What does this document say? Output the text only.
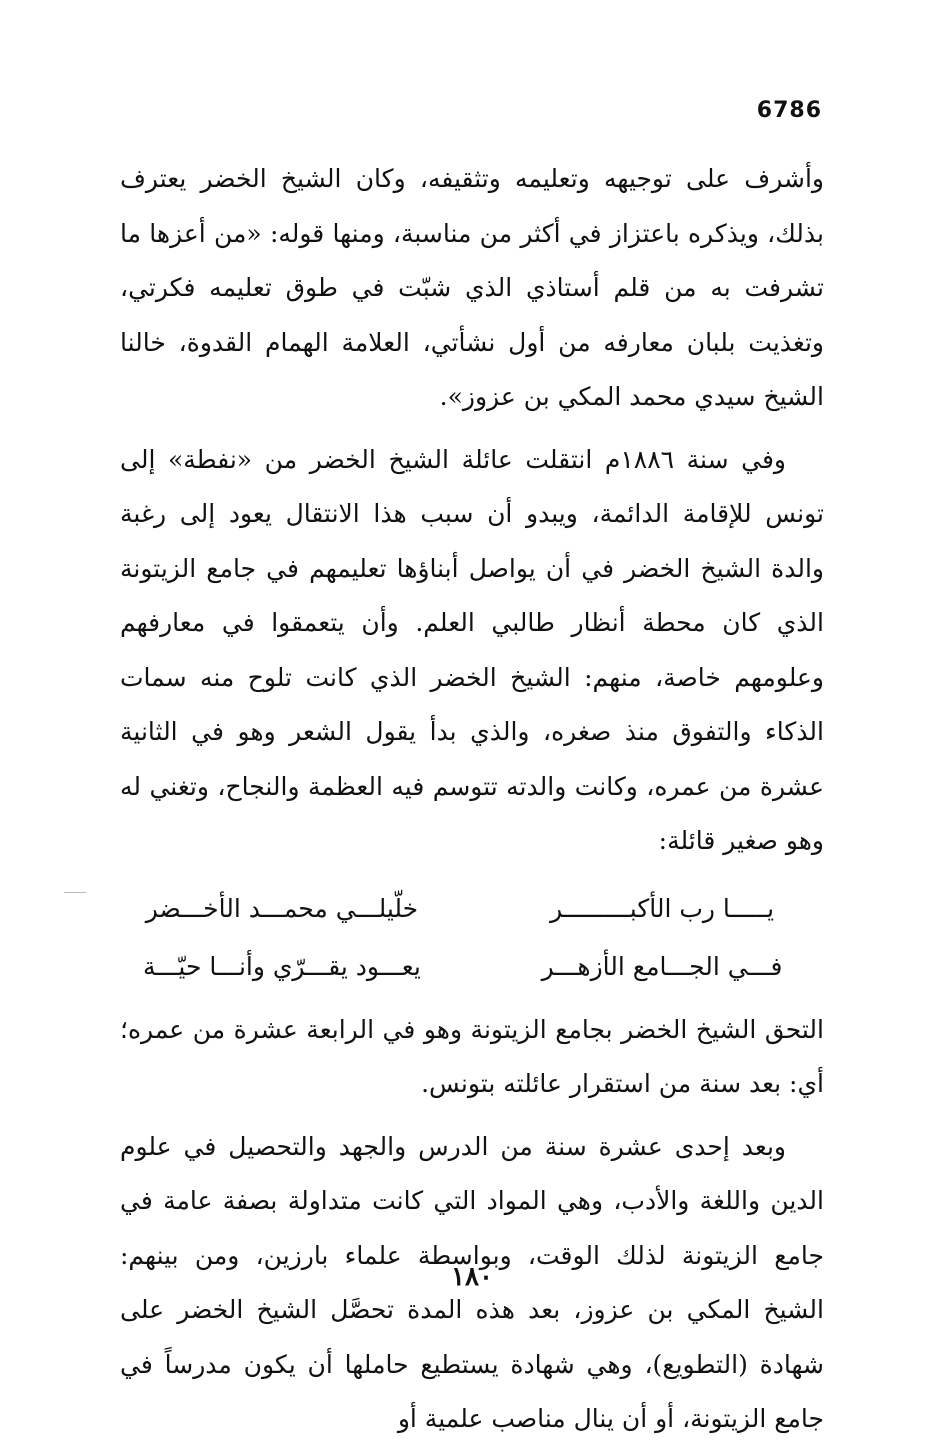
6786

وأشرف على توجيهه وتعليمه وتثقيفه، وكان الشيخ الخضر يعترف بذلك، ويذكره باعتزاز في أكثر من مناسبة، ومنها قوله: «من أعزها ما تشرفت به من قلم أستاذي الذي شبّت في طوق تعليمه فكرتي، وتغذيت بلبان معارفه من أول نشأتي، العلامة الهمام القدوة، خالنا الشيخ سيدي محمد المكي بن عزوز».

وفي سنة ١٨٨٦م انتقلت عائلة الشيخ الخضر من «نفطة» إلى تونس للإقامة الدائمة، ويبدو أن سبب هذا الانتقال يعود إلى رغبة والدة الشيخ الخضر في أن يواصل أبناؤها تعليمهم في جامع الزيتونة الذي كان محطة أنظار طالبي العلم. وأن يتعمقوا في معارفهم وعلومهم خاصة، منهم: الشيخ الخضر الذي كانت تلوح منه سمات الذكاء والتفوق منذ صغره، والذي بدأ يقول الشعر وهو في الثانية عشرة من عمره، وكانت والدته تتوسم فيه العظمة والنجاح، وتغني له وهو صغير قائلة:

يـــــا رب الأكبـــــــــر
خلّيلـــي محمـــد الأخـــضر
فـــي الجـــامع الأزهـــر
يعـــود يقـــرّي وأنـــا حيّـــة

التحق الشيخ الخضر بجامع الزيتونة وهو في الرابعة عشرة من عمره؛ أي: بعد سنة من استقرار عائلته بتونس.

وبعد إحدى عشرة سنة من الدرس والجهد والتحصيل في علوم الدين واللغة والأدب، وهي المواد التي كانت متداولة بصفة عامة في جامع الزيتونة لذلك الوقت، وبواسطة علماء بارزين، ومن بينهم: الشيخ المكي بن عزوز، بعد هذه المدة تحصَّل الشيخ الخضر على شهادة (التطويع)، وهي شهادة يستطيع حاملها أن يكون مدرساً في جامع الزيتونة، أو أن ينال مناصب علمية أو

١٨٠
